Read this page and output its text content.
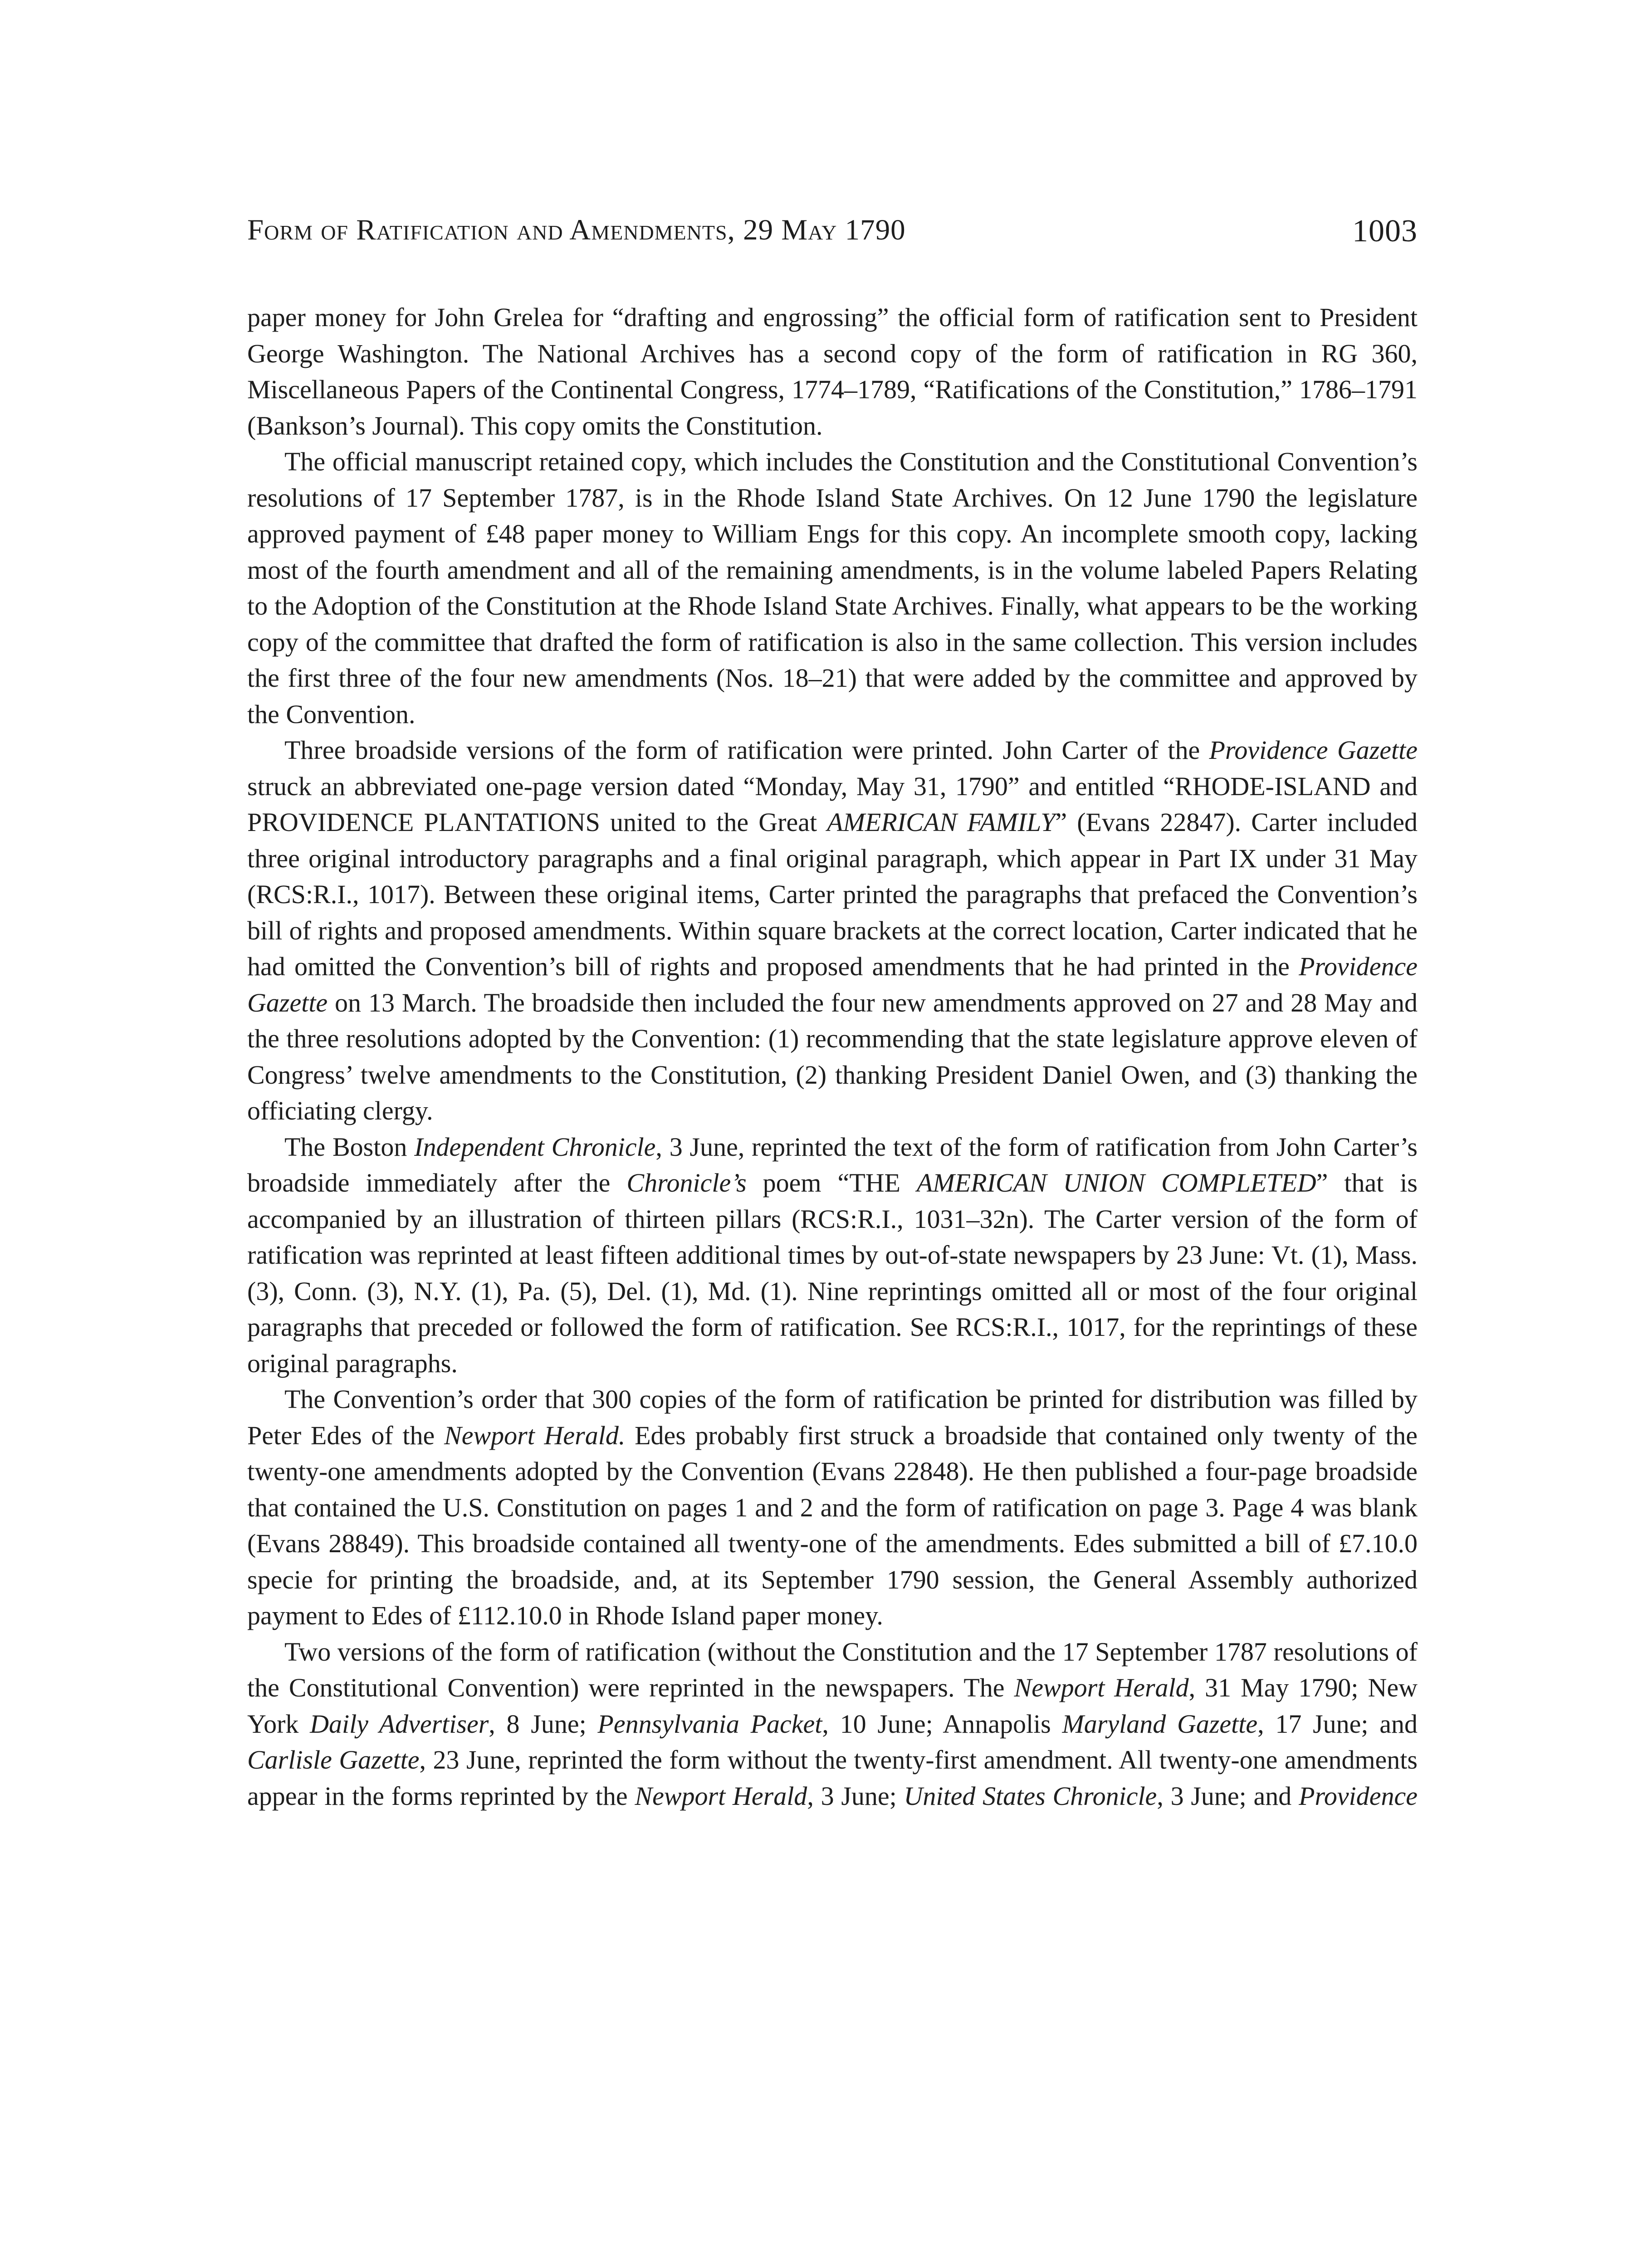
Form of Ratification and Amendments, 29 May 1790	1003

paper money for John Grelea for “drafting and engrossing” the official form of ratification sent to President George Washington. The National Archives has a second copy of the form of ratification in RG 360, Miscellaneous Papers of the Continental Congress, 1774–1789, “Ratifications of the Constitution,” 1786–1791 (Bankson’s Journal). This copy omits the Constitution.

The official manuscript retained copy, which includes the Constitution and the Constitutional Convention’s resolutions of 17 September 1787, is in the Rhode Island State Archives. On 12 June 1790 the legislature approved payment of £48 paper money to William Engs for this copy. An incomplete smooth copy, lacking most of the fourth amendment and all of the remaining amendments, is in the volume labeled Papers Relating to the Adoption of the Constitution at the Rhode Island State Archives. Finally, what appears to be the working copy of the committee that drafted the form of ratification is also in the same collection. This version includes the first three of the four new amendments (Nos. 18–21) that were added by the committee and approved by the Convention.

Three broadside versions of the form of ratification were printed. John Carter of the Providence Gazette struck an abbreviated one-page version dated “Monday, May 31, 1790” and entitled “RHODE-ISLAND and PROVIDENCE PLANTATIONS united to the Great AMERICAN FAMILY” (Evans 22847). Carter included three original introductory paragraphs and a final original paragraph, which appear in Part IX under 31 May (RCS:R.I., 1017). Between these original items, Carter printed the paragraphs that prefaced the Convention’s bill of rights and proposed amendments. Within square brackets at the correct location, Carter indicated that he had omitted the Convention’s bill of rights and proposed amendments that he had printed in the Providence Gazette on 13 March. The broadside then included the four new amendments approved on 27 and 28 May and the three resolutions adopted by the Convention: (1) recommending that the state legislature approve eleven of Congress’ twelve amendments to the Constitution, (2) thanking President Daniel Owen, and (3) thanking the officiating clergy.

The Boston Independent Chronicle, 3 June, reprinted the text of the form of ratification from John Carter’s broadside immediately after the Chronicle’s poem “THE AMERICAN UNION COMPLETED” that is accompanied by an illustration of thirteen pillars (RCS:R.I., 1031–32n). The Carter version of the form of ratification was reprinted at least fifteen additional times by out-of-state newspapers by 23 June: Vt. (1), Mass. (3), Conn. (3), N.Y. (1), Pa. (5), Del. (1), Md. (1). Nine reprintings omitted all or most of the four original paragraphs that preceded or followed the form of ratification. See RCS:R.I., 1017, for the reprintings of these original paragraphs.

The Convention’s order that 300 copies of the form of ratification be printed for distribution was filled by Peter Edes of the Newport Herald. Edes probably first struck a broadside that contained only twenty of the twenty-one amendments adopted by the Convention (Evans 22848). He then published a four-page broadside that contained the U.S. Constitution on pages 1 and 2 and the form of ratification on page 3. Page 4 was blank (Evans 28849). This broadside contained all twenty-one of the amendments. Edes submitted a bill of £7.10.0 specie for printing the broadside, and, at its September 1790 session, the General Assembly authorized payment to Edes of £112.10.0 in Rhode Island paper money.

Two versions of the form of ratification (without the Constitution and the 17 September 1787 resolutions of the Constitutional Convention) were reprinted in the newspapers. The Newport Herald, 31 May 1790; New York Daily Advertiser, 8 June; Pennsylvania Packet, 10 June; Annapolis Maryland Gazette, 17 June; and Carlisle Gazette, 23 June, reprinted the form without the twenty-first amendment. All twenty-one amendments appear in the forms reprinted by the Newport Herald, 3 June; United States Chronicle, 3 June; and Providence
